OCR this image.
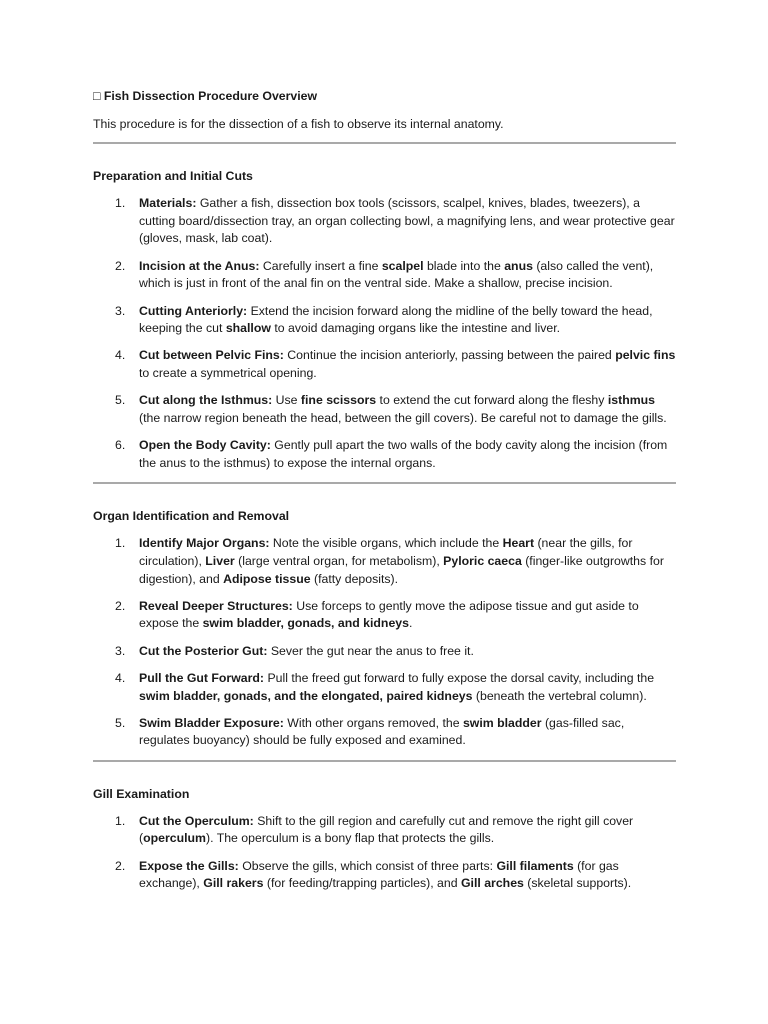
□ Fish Dissection Procedure Overview

This procedure is for the dissection of a fish to observe its internal anatomy.

Preparation and Initial Cuts

1. Materials: Gather a fish, dissection box tools (scissors, scalpel, knives, blades, tweezers), a cutting board/dissection tray, an organ collecting bowl, a magnifying lens, and wear protective gear (gloves, mask, lab coat).
2. Incision at the Anus: Carefully insert a fine scalpel blade into the anus (also called the vent), which is just in front of the anal fin on the ventral side. Make a shallow, precise incision.
3. Cutting Anteriorly: Extend the incision forward along the midline of the belly toward the head, keeping the cut shallow to avoid damaging organs like the intestine and liver.
4. Cut between Pelvic Fins: Continue the incision anteriorly, passing between the paired pelvic fins to create a symmetrical opening.
5. Cut along the Isthmus: Use fine scissors to extend the cut forward along the fleshy isthmus (the narrow region beneath the head, between the gill covers). Be careful not to damage the gills.
6. Open the Body Cavity: Gently pull apart the two walls of the body cavity along the incision (from the anus to the isthmus) to expose the internal organs.

Organ Identification and Removal

1. Identify Major Organs: Note the visible organs, which include the Heart (near the gills, for circulation), Liver (large ventral organ, for metabolism), Pyloric caeca (finger-like outgrowths for digestion), and Adipose tissue (fatty deposits).
2. Reveal Deeper Structures: Use forceps to gently move the adipose tissue and gut aside to expose the swim bladder, gonads, and kidneys.
3. Cut the Posterior Gut: Sever the gut near the anus to free it.
4. Pull the Gut Forward: Pull the freed gut forward to fully expose the dorsal cavity, including the swim bladder, gonads, and the elongated, paired kidneys (beneath the vertebral column).
5. Swim Bladder Exposure: With other organs removed, the swim bladder (gas-filled sac, regulates buoyancy) should be fully exposed and examined.

Gill Examination

1. Cut the Operculum: Shift to the gill region and carefully cut and remove the right gill cover (operculum). The operculum is a bony flap that protects the gills.
2. Expose the Gills: Observe the gills, which consist of three parts: Gill filaments (for gas exchange), Gill rakers (for feeding/trapping particles), and Gill arches (skeletal supports).
